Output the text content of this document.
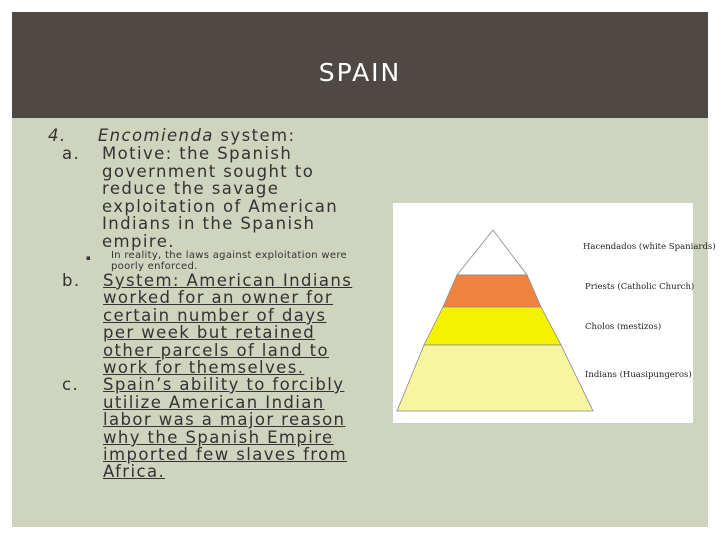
SPAIN
4. Encomienda system:
a. Motive: the Spanish
government sought to
reduce the savage
exploitation of American
Indians in the Spanish
empire.
▪ In reality, the laws against exploitation were
poorly enforced.
b. System: American Indians
worked for an owner for
certain number of days
per week but retained
other parcels of land to
work for themselves.
c. Spain’s ability to forcibly
utilize American Indian
labor was a major reason
why the Spanish Empire
imported few slaves from
Africa.
Hacendados (white Spaniards)
Priests (Catholic Church)
Cholos (mestizos)
Indians (Huasipungeros)
